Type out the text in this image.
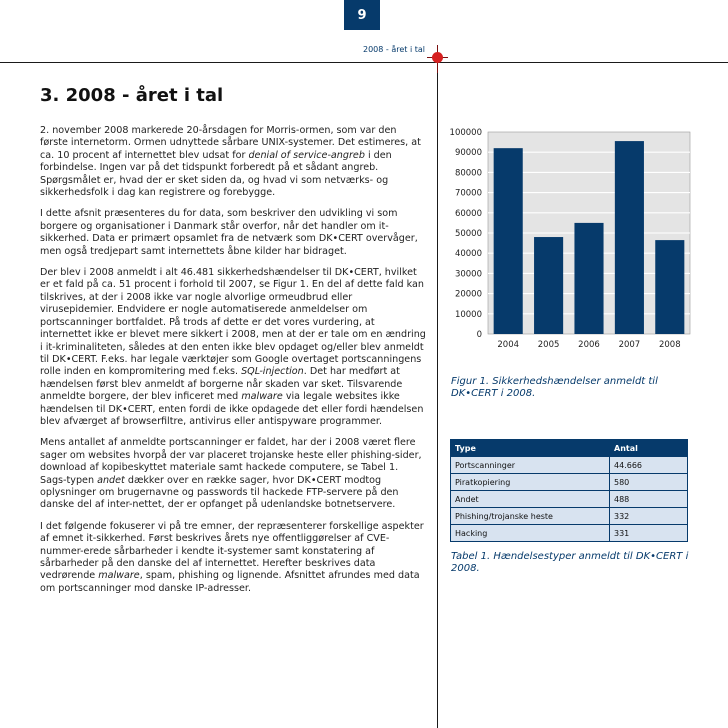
9
2008 - året i tal
3. 2008 - året i tal

2. november 2008 markerede 20-årsdagen for Morris-ormen, som var den første internetorm. Ormen udnyttede sårbare UNIX-systemer. Det estimeres, at ca. 10 procent af internettet blev udsat for denial of service-angreb i den forbindelse. Ingen var på det tidspunkt forberedt på et sådant angreb. Spørgsmålet er, hvad der er sket siden da, og hvad vi som netværks- og sikkerhedsfolk i dag kan registrere og forebygge.

I dette afsnit præsenteres du for data, som beskriver den udvikling vi som borgere og organisationer i Danmark står overfor, når det handler om it-sikkerhed. Data er primært opsamlet fra de netværk som DK•CERT overvåger, men også tredjepart samt internettets åbne kilder har bidraget.

Der blev i 2008 anmeldt i alt 46.481 sikkerhedshændelser til DK•CERT, hvilket er et fald på ca. 51 procent i forhold til 2007, se Figur 1. En del af dette fald kan tilskrives, at der i 2008 ikke var nogle alvorlige ormeudbrud eller virusepidemier. Endvidere er nogle automatiserede anmeldelser om portscanninger bortfaldet. På trods af dette er det vores vurdering, at internettet ikke er blevet mere sikkert i 2008, men at der er tale om en ændring i it-kriminaliteten, således at den enten ikke blev opdaget og/eller blev anmeldt til DK•CERT. F.eks. har legale værktøjer som Google overtaget portscanningens rolle inden en kompromitering med f.eks. SQL-injection. Det har medført at hændelsen først blev anmeldt af borgerne når skaden var sket. Tilsvarende anmeldte borgere, der blev inficeret med malware via legale websites ikke hændelsen til DK•CERT, enten fordi de ikke opdagede det eller fordi hændelsen blev afværget af browserfiltre, antivirus eller antispyware programmer.

Mens antallet af anmeldte portscanninger er faldet, har der i 2008 været flere sager om websites hvorpå der var placeret trojanske heste eller phishing-sider, download af kopibeskyttet materiale samt hackede computere, se Tabel 1. Sags-typen andet dækker over en række sager, hvor DK•CERT modtog oplysninger om brugernavne og passwords til hackede FTP-servere på den danske del af inter-nettet, der er opfanget på udenlandske botnetservere.

I det følgende fokuserer vi på tre emner, der repræsenterer forskellige aspekter af emnet it-sikkerhed. Først beskrives årets nye offentliggørelser af CVE-nummer-erede sårbarheder i kendte it-systemer samt konstatering af sårbarheder på den danske del af internettet. Herefter beskrives data vedrørende malware, spam, phishing og lignende. Afsnittet afrundes med data om portscanninger mod danske IP-adresser.

0
10000
20000
30000
40000
50000
60000
70000
80000
90000
100000
2004 2005 2006 2007 2008
Figur 1. Sikkerhedshændelser anmeldt til DK•CERT i 2008.
Type	Antal
Portscanninger	44.666
Piratkopiering	580
Andet	488
Phishing/trojanske heste	332
Hacking	331
Tabel 1. Hændelsestyper anmeldt til DK•CERT i 2008.
